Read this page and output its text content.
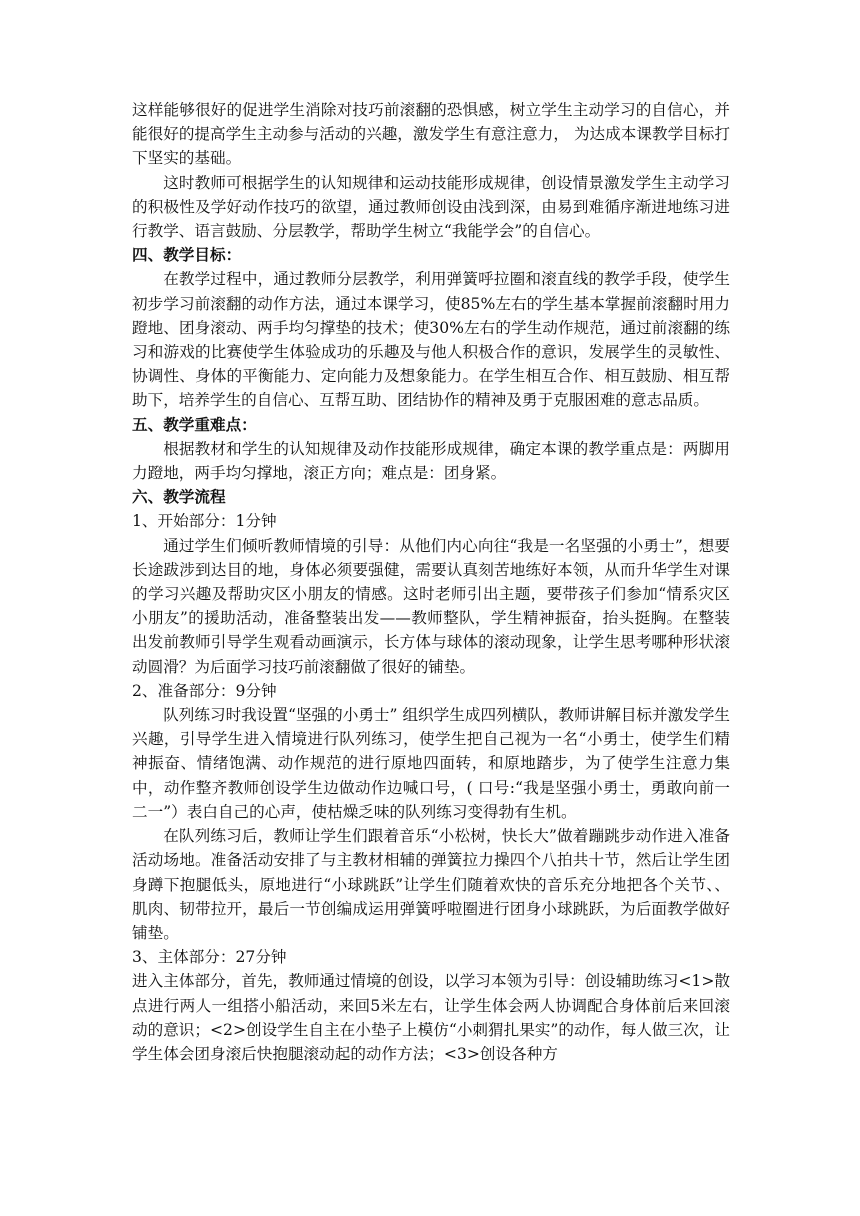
这样能够很好的促进学生消除对技巧前滚翻的恐惧感，树立学生主动学习的自信心，并能很好的提高学生主动参与活动的兴趣，激发学生有意注意力， 为达成本课教学目标打下坚实的基础。

这时教师可根据学生的认知规律和运动技能形成规律，创设情景激发学生主动学习的积极性及学好动作技巧的欲望，通过教师创设由浅到深，由易到难循序渐进地练习进行教学、语言鼓励、分层教学，帮助学生树立“我能学会”的自信心。

四、教学目标：

在教学过程中，通过教师分层教学，利用弹簧呼拉圈和滚直线的教学手段，使学生初步学习前滚翻的动作方法，通过本课学习，使85%左右的学生基本掌握前滚翻时用力蹬地、团身滚动、两手均匀撑垫的技术；使30%左右的学生动作规范，通过前滚翻的练习和游戏的比赛使学生体验成功的乐趣及与他人积极合作的意识，发展学生的灵敏性、协调性、身体的平衡能力、定向能力及想象能力。在学生相互合作、相互鼓励、相互帮助下，培养学生的自信心、互帮互助、团结协作的精神及勇于克服困难的意志品质。

五、教学重难点：

根据教材和学生的认知规律及动作技能形成规律，确定本课的教学重点是：两脚用力蹬地，两手均匀撑地，滚正方向；难点是：团身紧。

六、教学流程

1、开始部分：1分钟

通过学生们倾听教师情境的引导：从他们内心向往“我是一名坚强的小勇士”，想要长途跋涉到达目的地，身体必须要强健，需要认真刻苦地练好本领，从而升华学生对课的学习兴趣及帮助灾区小朋友的情感。这时老师引出主题，要带孩子们参加“情系灾区小朋友”的援助活动，准备整装出发——教师整队，学生精神振奋，抬头挺胸。在整装出发前教师引导学生观看动画演示，长方体与球体的滚动现象，让学生思考哪种形状滚动圆滑？为后面学习技巧前滚翻做了很好的铺垫。

2、准备部分：9分钟

队列练习时我设置“坚强的小勇士” 组织学生成四列横队，教师讲解目标并激发学生兴趣，引导学生进入情境进行队列练习，使学生把自己视为一名“小勇士，使学生们精神振奋、情绪饱满、动作规范的进行原地四面转，和原地踏步，为了使学生注意力集中，动作整齐教师创设学生边做动作边喊口号，( 口号:“我是坚强小勇士，勇敢向前一二一”）表白自己的心声，使枯燥乏味的队列练习变得勃有生机。

在队列练习后，教师让学生们跟着音乐“小松树，快长大”做着蹦跳步动作进入准备活动场地。准备活动安排了与主教材相辅的弹簧拉力操四个八拍共十节，然后让学生团身蹲下抱腿低头，原地进行“小球跳跃”让学生们随着欢快的音乐充分地把各个关节、、肌肉、韧带拉开，最后一节创编成运用弹簧呼啦圈进行团身小球跳跃，为后面教学做好铺垫。

3、主体部分：27分钟

进入主体部分，首先，教师通过情境的创设，以学习本领为引导：创设辅助练习<1>散点进行两人一组搭小船活动，来回5米左右，让学生体会两人协调配合身体前后来回滚动的意识；<2>创设学生自主在小垫子上模仿“小刺猬扎果实”的动作，每人做三次，让学生体会团身滚后快抱腿滚动起的动作方法；<3>创设各种方
